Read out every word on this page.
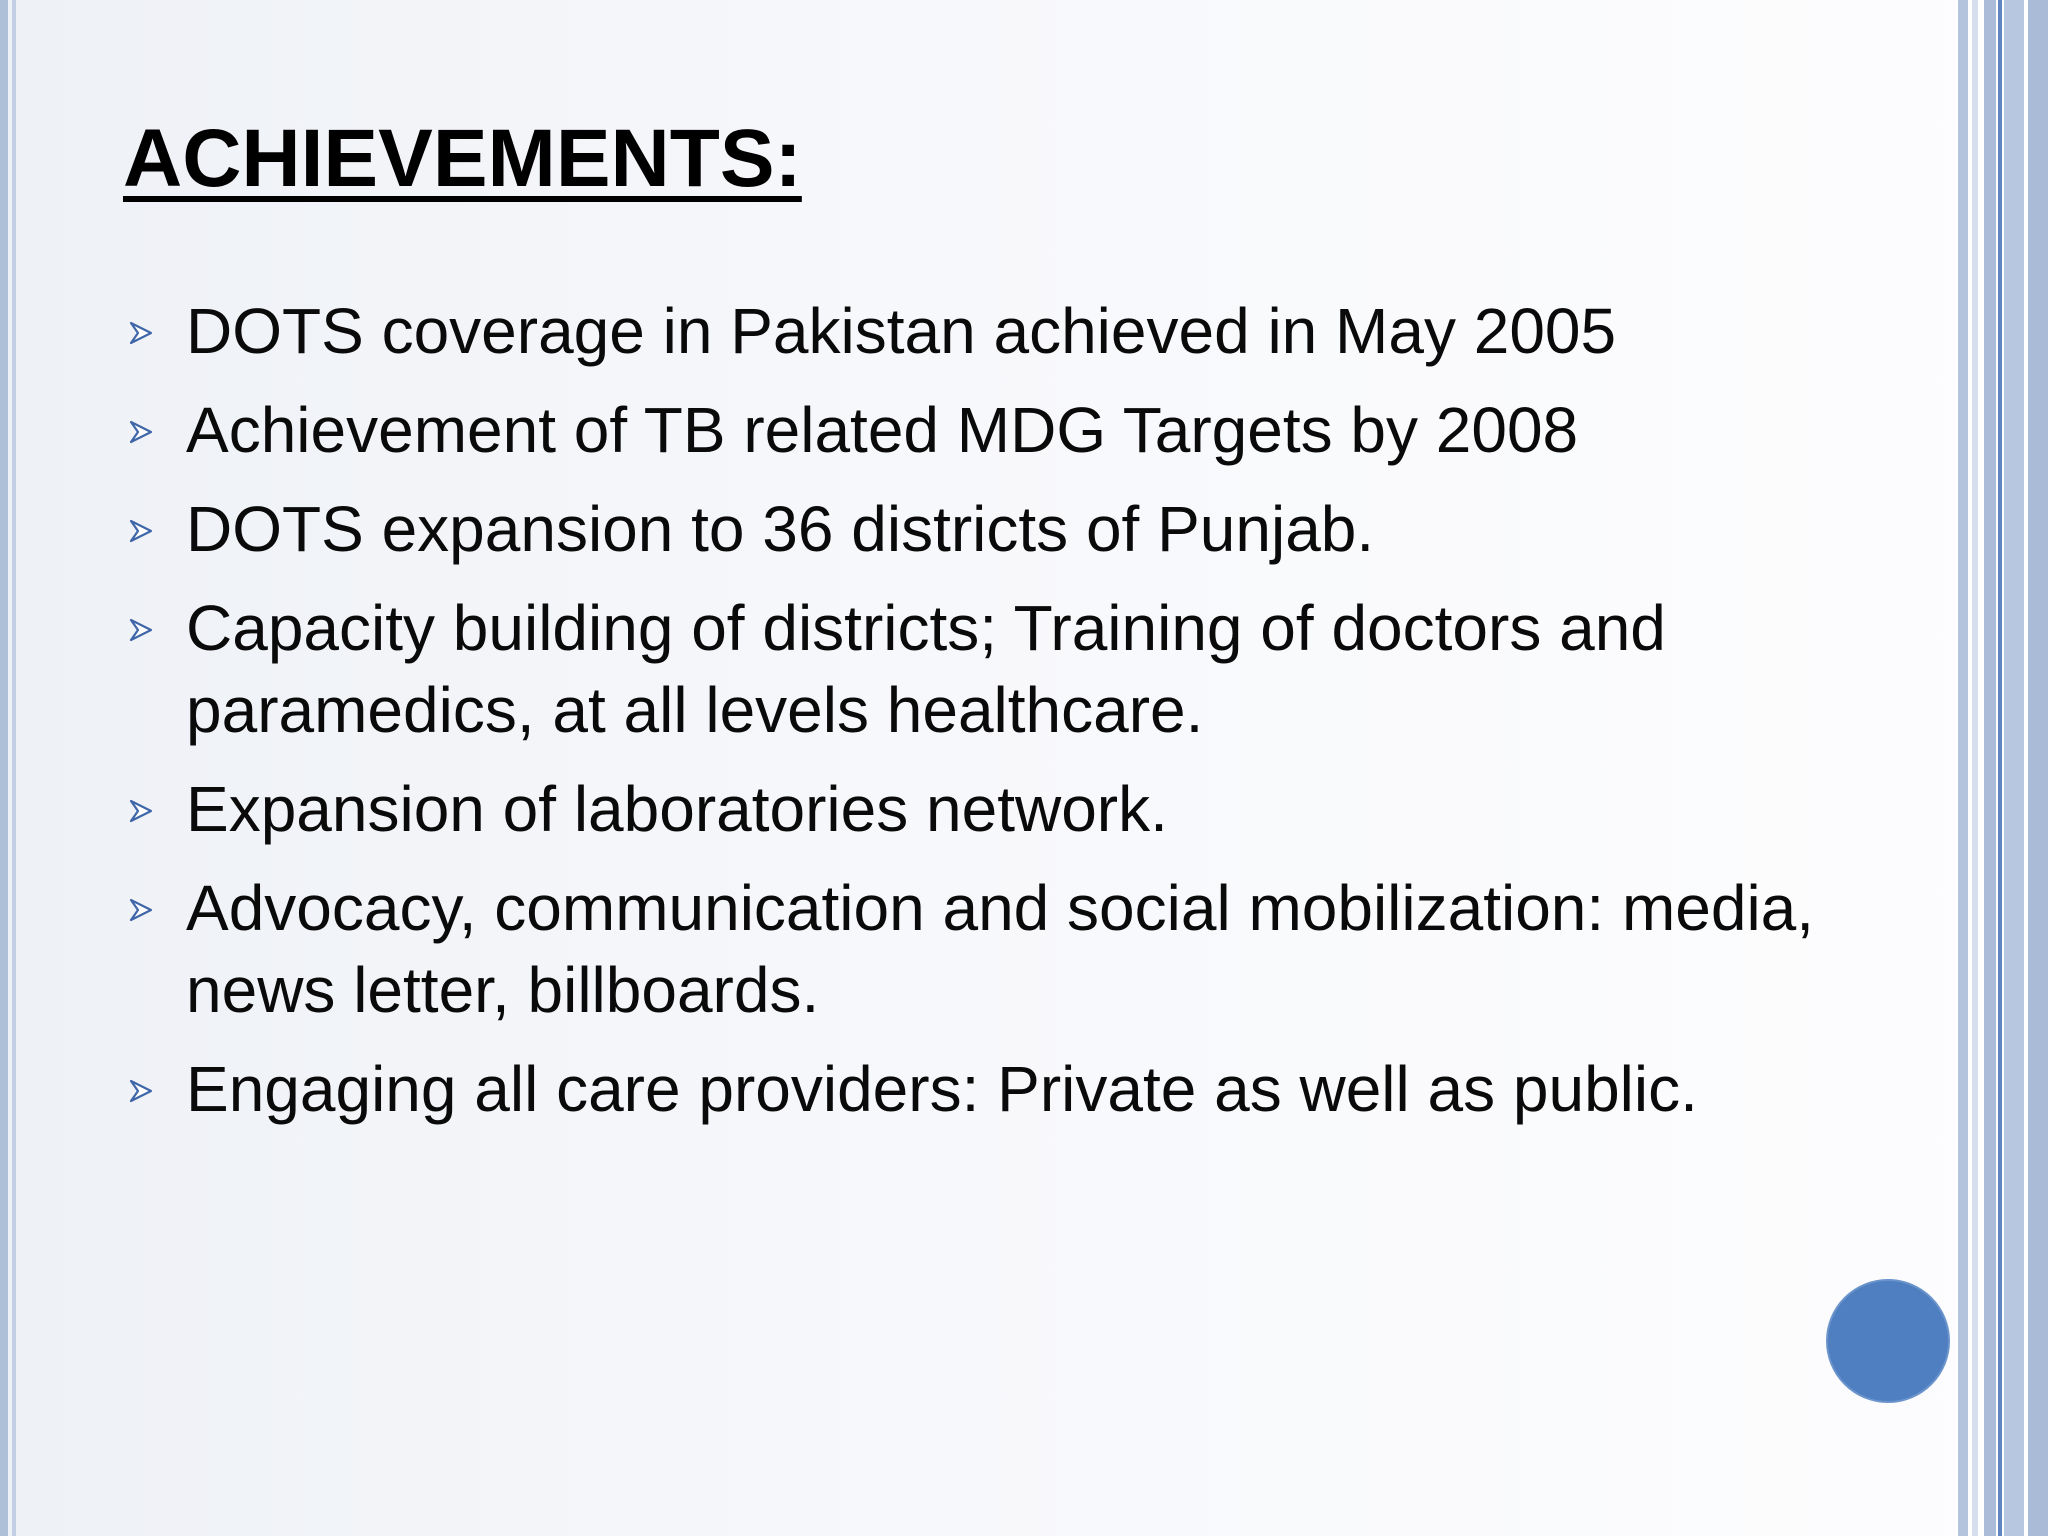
ACHIEVEMENTS:
DOTS coverage in Pakistan achieved in May 2005
Achievement of TB related MDG Targets by 2008
DOTS expansion to 36 districts of Punjab.
Capacity building of districts; Training of doctors and paramedics, at all levels healthcare.
Expansion of laboratories network.
Advocacy, communication and social mobilization: media, news letter, billboards.
Engaging all care providers: Private as well as public.
